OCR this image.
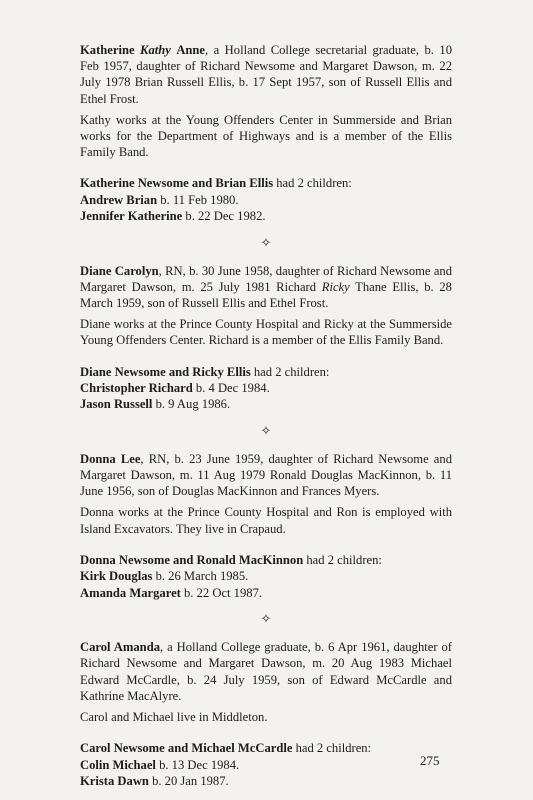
Katherine Kathy Anne, a Holland College secretarial graduate, b. 10 Feb 1957, daughter of Richard Newsome and Margaret Dawson, m. 22 July 1978 Brian Russell Ellis, b. 17 Sept 1957, son of Russell Ellis and Ethel Frost.

Kathy works at the Young Offenders Center in Summerside and Brian works for the Department of Highways and is a member of the Ellis Family Band.

Katherine Newsome and Brian Ellis had 2 children:
Andrew Brian b. 11 Feb 1980.
Jennifer Katherine b. 22 Dec 1982.
✧

Diane Carolyn, RN, b. 30 June 1958, daughter of Richard Newsome and Margaret Dawson, m. 25 July 1981 Richard Ricky Thane Ellis, b. 28 March 1959, son of Russell Ellis and Ethel Frost.

Diane works at the Prince County Hospital and Ricky at the Summerside Young Offenders Center. Richard is a member of the Ellis Family Band.

Diane Newsome and Ricky Ellis had 2 children:
Christopher Richard b. 4 Dec 1984.
Jason Russell b. 9 Aug 1986.
✧

Donna Lee, RN, b. 23 June 1959, daughter of Richard Newsome and Margaret Dawson, m. 11 Aug 1979 Ronald Douglas MacKinnon, b. 11 June 1956, son of Douglas MacKinnon and Frances Myers.

Donna works at the Prince County Hospital and Ron is employed with Island Excavators. They live in Crapaud.

Donna Newsome and Ronald MacKinnon had 2 children:
Kirk Douglas b. 26 March 1985.
Amanda Margaret b. 22 Oct 1987.
✧

Carol Amanda, a Holland College graduate, b. 6 Apr 1961, daughter of Richard Newsome and Margaret Dawson, m. 20 Aug 1983 Michael Edward McCardle, b. 24 July 1959, son of Edward McCardle and Kathrine MacAlyre.

Carol and Michael live in Middleton.

Carol Newsome and Michael McCardle had 2 children:
Colin Michael b. 13 Dec 1984.
Krista Dawn b. 20 Jan 1987.
275
